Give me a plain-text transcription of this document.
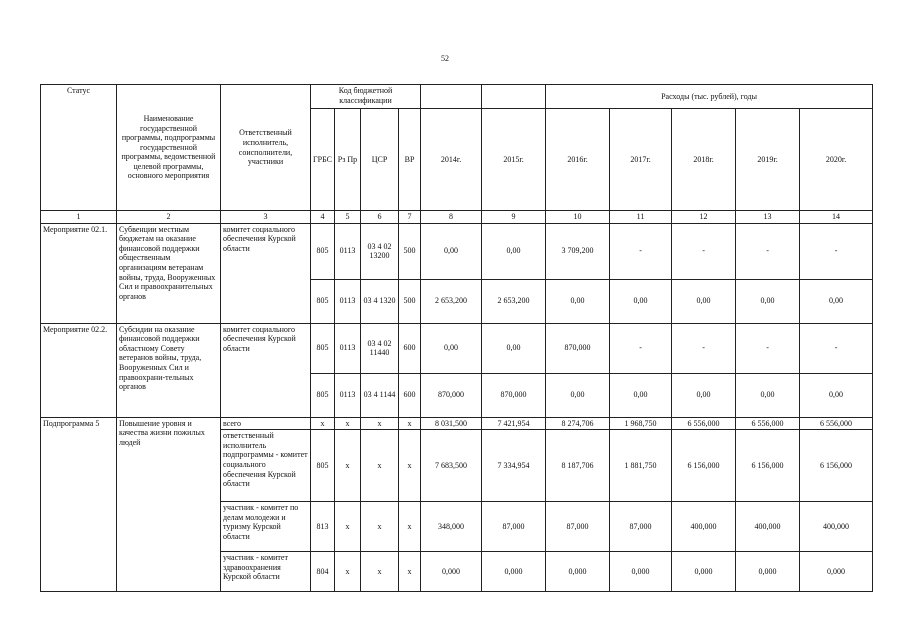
52
Статус	Наименование государственной программы, подпрограммы государственной программы, ведомственной целевой программы, основного мероприятия	Ответственный исполнитель, соисполнители, участники	Код бюджетной классификации						Расходы (тыс. рублей), годы					
			ГРБС	Рз Пр	ЦСР	ВР	2014г.	2015г.	2016г.	2017г.	2018г.	2019г.	2020г.	
1	2	3	4	5	6	7	8	9	10	11	12	13	14	
Мероприятие 02.1.	Субвенции местным бюджетам на оказание финансовой поддержки общественным организациям ветеранам войны, труда, Вооруженных Сил и правоохранительных органов	комитет социального обеспечения Курской области	805	0113	03 4 02 13200	500	0,00	0,00	3 709,200	-	-	-	-	
			805	0113	03 4 1320	500	2 653,200	2 653,200	0,00	0,00	0,00	0,00	0,00	
Мероприятие 02.2.	Субсидии на оказание финансовой поддержки областному Совету ветеранов войны, труда, Вооруженных Сил и правоохрани-тельных органов	комитет социального обеспечения Курской области	805	0113	03 4 02 11440	600	0,00	0,00	870,000	-	-	-	-	
			805	0113	03 4 1144	600	870,000	870,000	0,00	0,00	0,00	0,00	0,00	
Подпрограмма 5	Повышение уровня и качества жизни пожилых людей	всего	x	x	x	x	8 031,500	7 421,954	8 274,706	1 968,750	6 556,000	6 556,000	6 556,000	
		ответственный исполнитель подпрограммы - комитет социального обеспечения Курской области	805	x	x	x	7 683,500	7 334,954	8 187,706	1 881,750	6 156,000	6 156,000	6 156,000	
		участник - комитет по делам молодежи и туризму Курской области	813	x	x	x	348,000	87,000	87,000	87,000	400,000	400,000	400,000	
		участник - комитет здравоохранения Курской области	804	x	x	x	0,000	0,000	0,000	0,000	0,000	0,000	0,000	
